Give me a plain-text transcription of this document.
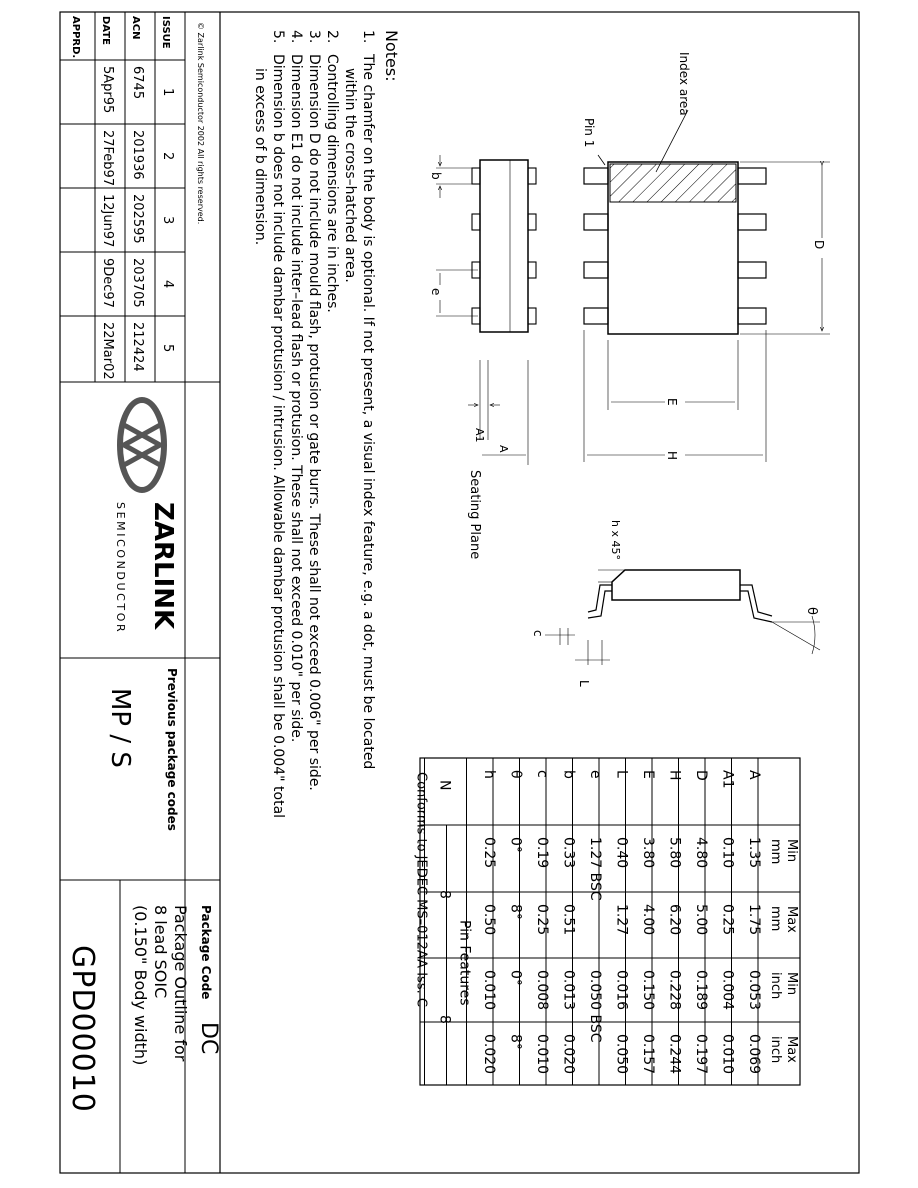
Index area
Pin 1
D
E
H
b
e
A1
A
Seating Plane	h x 45°
θ
c
L
Notes:
1.
The chamfer on the body is optional. If not present, a visual index feature, e.g. a dot, must be located
within the cross–hatched area.
2.
Controlling dimensions are in inches.
3.
Dimension D do not include mould flash, protusion or gate burrs. These shall not exceed 0.006" per side.
4.
Dimension E1 do not include inter–lead flash or protusion. These shall not exceed 0.010" per side.
5.
Dimension b does not include dambar protusion / intrusion. Allowable dambar protusion shall be 0.004" total
in excess of b dimension.
Min
mm
Max
mm
Min
inch
Max
inch
A
1.35
1.75
0.053
0.069
A1
0.10
0.25
0.004
0.010
D
4.80
5.00
0.189
0.197
H
5.80
6.20
0.228
0.244
E
3.80
4.00
0.150
0.157
L
0.40
1.27
0.016
0.050
e
1.27 BSC
0.050 BSC
b
0.33
0.51
0.013
0.020
c
0.19
0.25
0.008
0.010
θ
0°
8°
0°
8°
h
0.25
0.50
0.010
0.020
Pin Features
N
8
8
Conforms to JEDEC MS–012AA Iss. C
© Zarlink Semiconductor 2002 All rights reserved.
ISSUE
1
2
3
4
5
ACN
6745
201936
202595
203705
212424
DATE
5Apr95
27Feb97
12Jun97
9Dec97
22Mar02
APPRD.
ZARLINK
SEMICONDUCTOR
Previous package codes
MP / S
Package Code
DC
Package Outline for
8 lead SOIC
(0.150" Body width)
GPD00010
